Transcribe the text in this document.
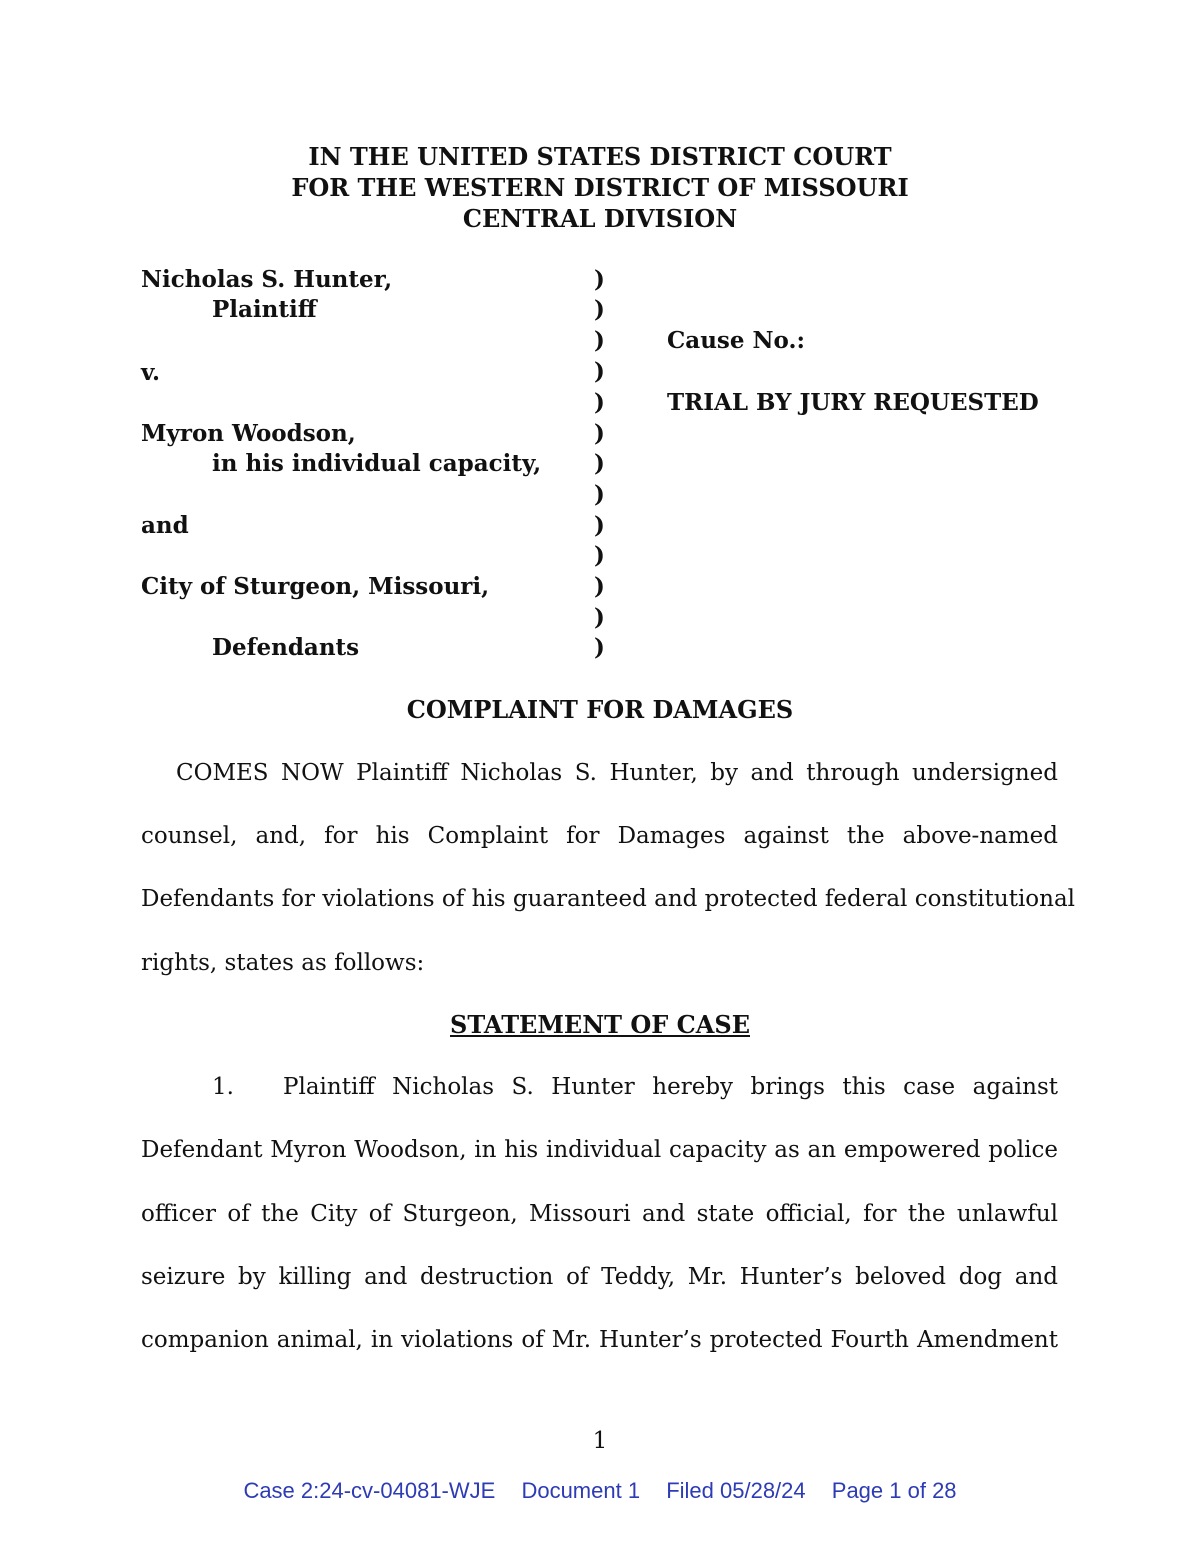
IN THE UNITED STATES DISTRICT COURT
FOR THE WESTERN DISTRICT OF MISSOURI
CENTRAL DIVISION
Nicholas S. Hunter,
Plaintiff
v.
Myron Woodson,
in his individual capacity,
and
City of Sturgeon, Missouri,
Defendants
)
)
)
)
)
)
)
)
)
)
)
)
)
Cause No.:
TRIAL BY JURY REQUESTED
COMPLAINT FOR DAMAGES
COMES NOW Plaintiff Nicholas S. Hunter, by and through undersigned
counsel, and, for his Complaint for Damages against the above-named
Defendants for violations of his guaranteed and protected federal constitutional
rights, states as follows:
STATEMENT OF CASE
1.	Plaintiff Nicholas S. Hunter hereby brings this case against
Defendant Myron Woodson, in his individual capacity as an empowered police
officer of the City of Sturgeon, Missouri and state official, for the unlawful
seizure by killing and destruction of Teddy, Mr. Hunter’s beloved dog and
companion animal, in violations of Mr. Hunter’s protected Fourth Amendment
1
Case 2:24-cv-04081-WJE Document 1 Filed 05/28/24 Page 1 of 28
